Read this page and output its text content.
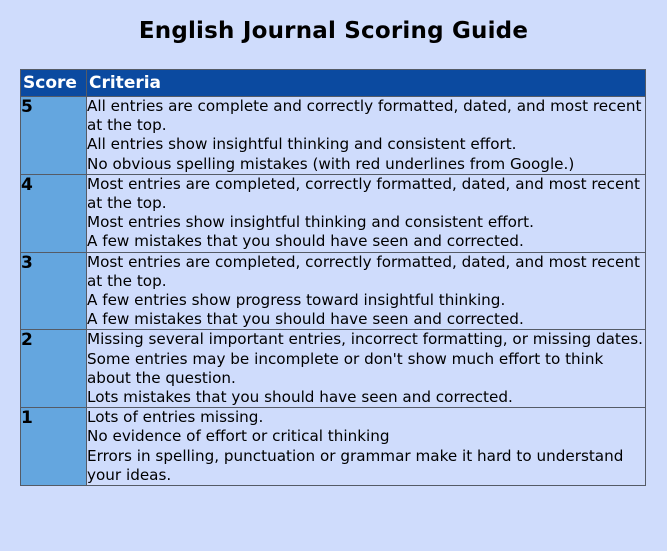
English Journal Scoring Guide
Score	Criteria
5	All entries are complete and correctly formatted, dated, and most recent at the top.
All entries show insightful thinking and consistent effort.
No obvious spelling mistakes (with red underlines from Google.)

4	Most entries are completed, correctly formatted, dated, and most recent at the top.
Most entries show insightful thinking and consistent effort.
A few mistakes that you should have seen and corrected.

3	Most entries are completed, correctly formatted, dated, and most recent at the top.
A few entries show progress toward insightful thinking.
A few mistakes that you should have seen and corrected.

2	Missing several important entries, incorrect formatting, or missing dates.
Some entries may be incomplete or don't show much effort to think about the question.
Lots mistakes that you should have seen and corrected.

1	Lots of entries missing.
No evidence of effort or critical thinking
Errors in spelling, punctuation or grammar make it hard to understand your ideas.
